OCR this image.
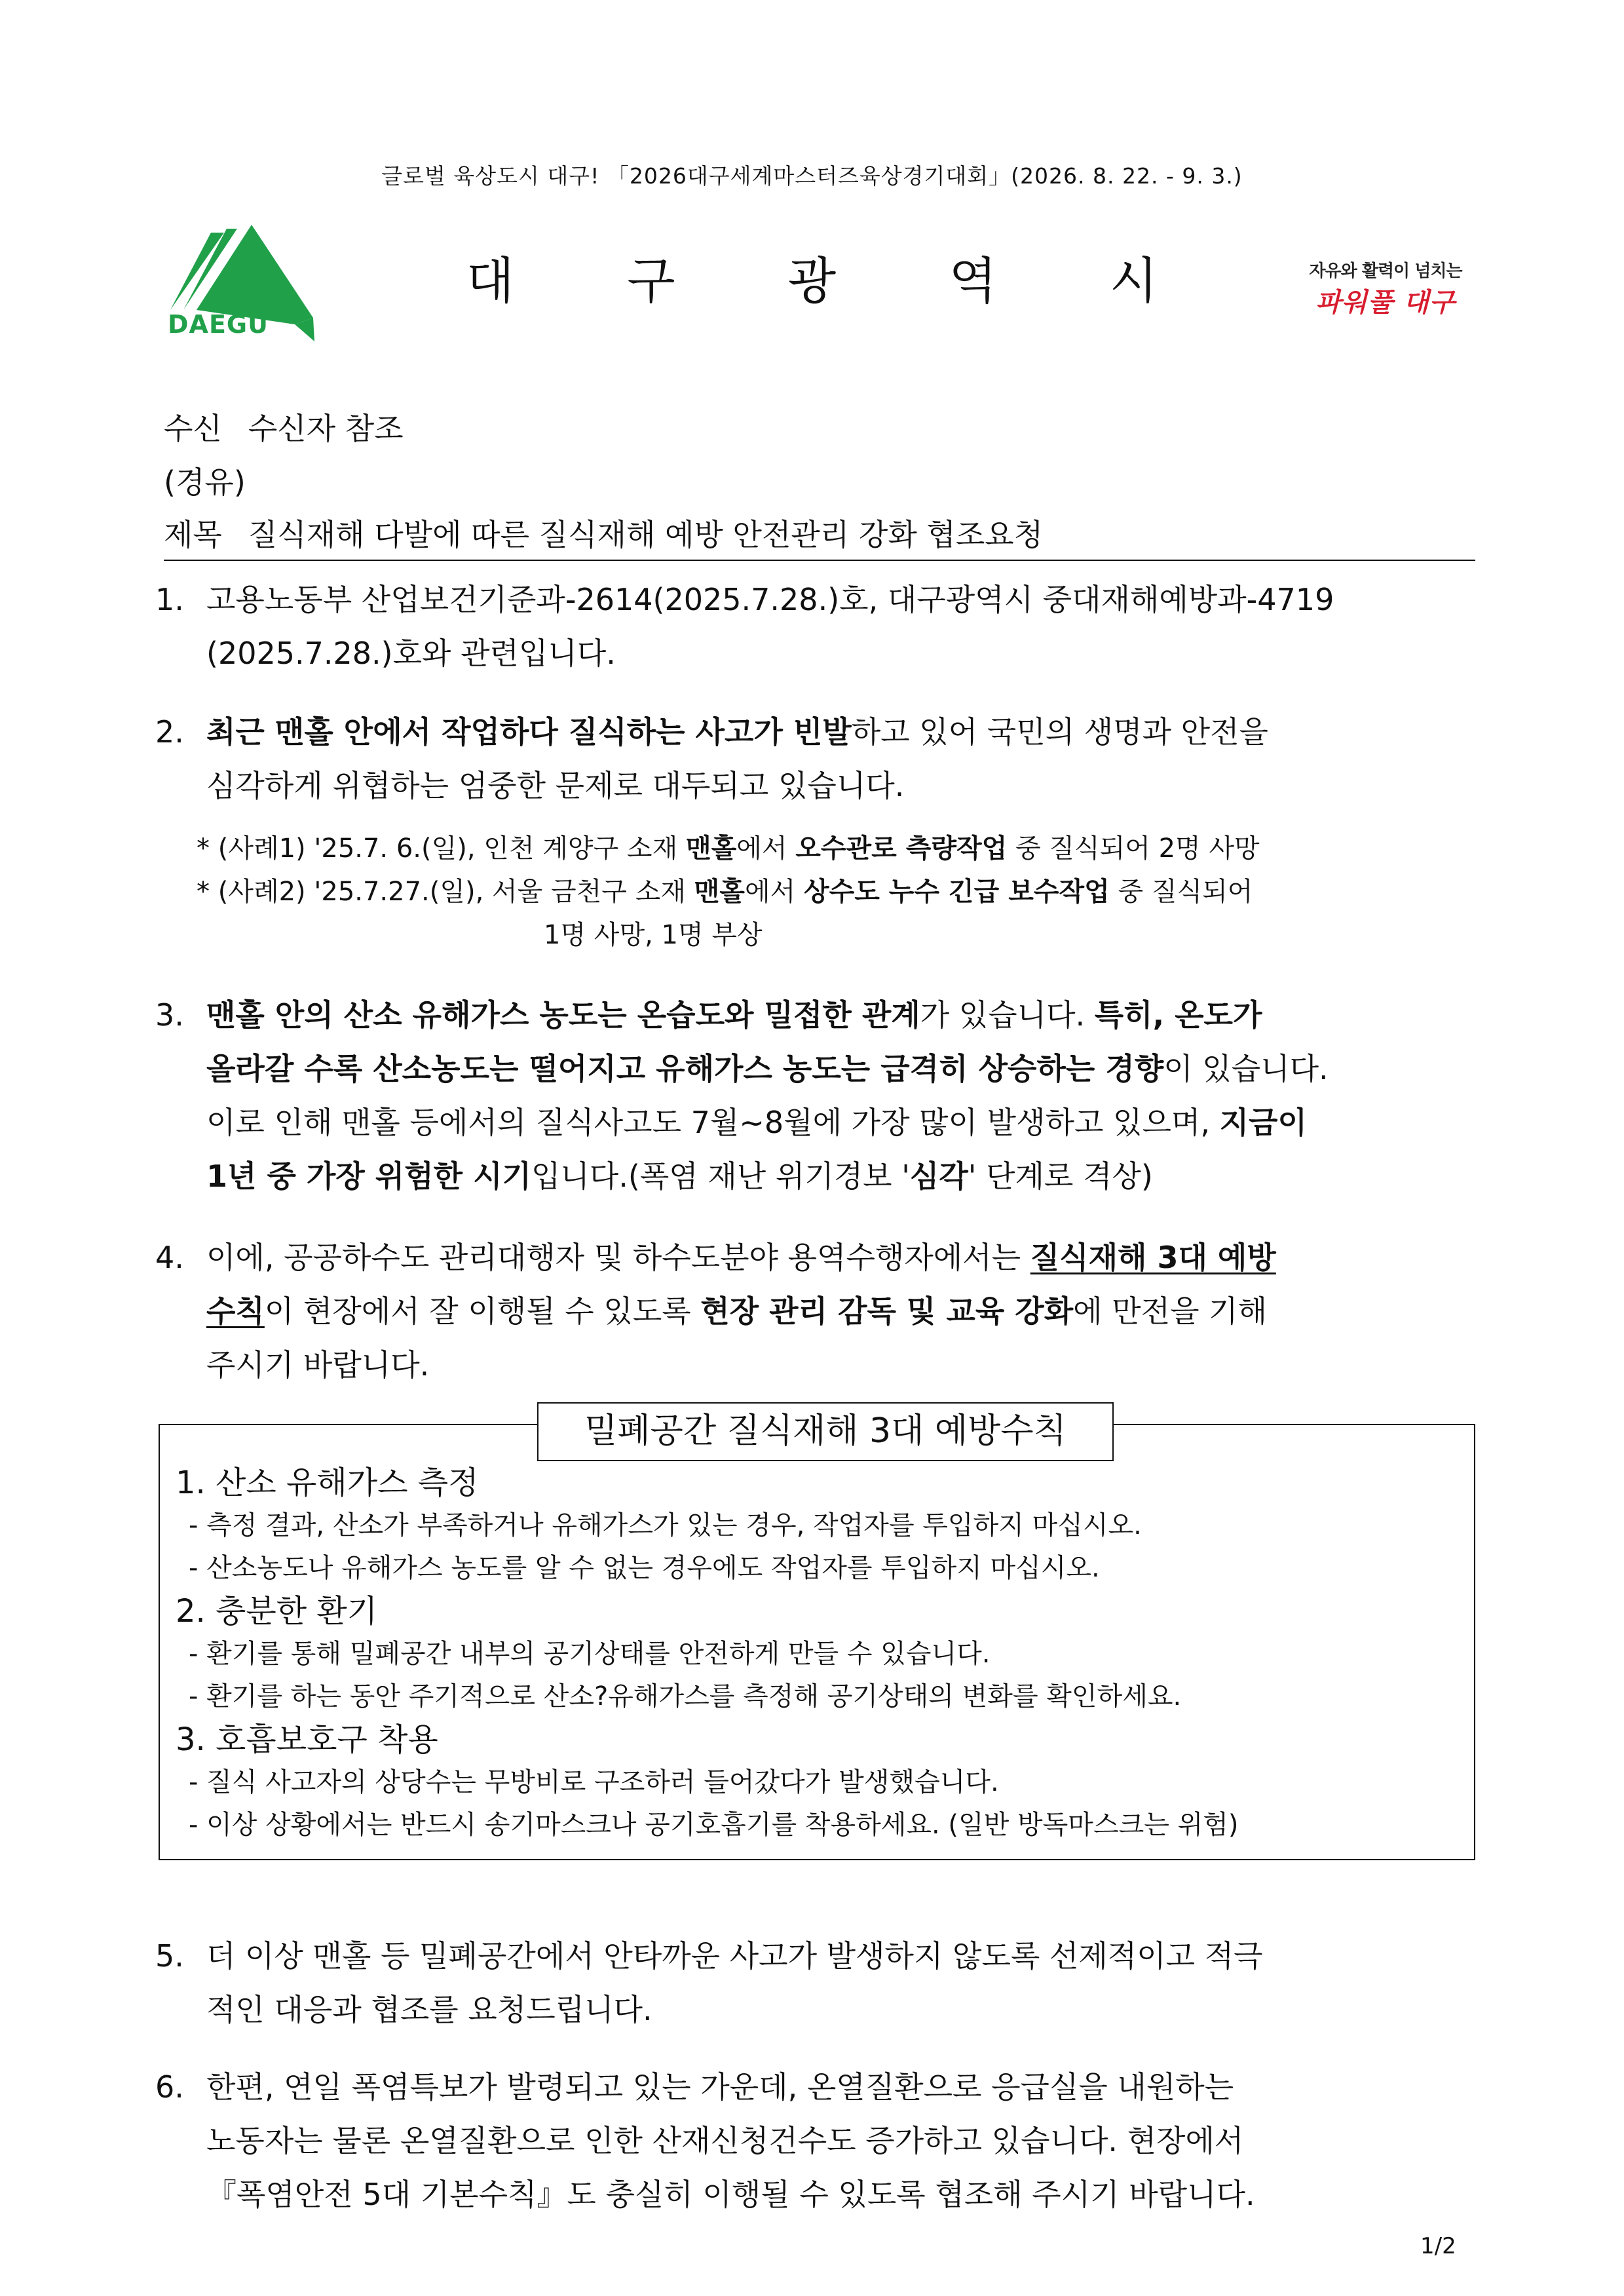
글로벌 육상도시 대구! 「2026대구세계마스터즈육상경기대회」(2026. 8. 22. - 9. 3.)
DAEGU
대 구 광 역 시	자유와 활력이 넘치는
파워풀 대구
수신 수신자 참조
(경유)
제목 질식재해 다발에 따른 질식재해 예방 안전관리 강화 협조요청
1. 고용노동부 산업보건기준과-2614(2025.7.28.)호, 대구광역시 중대재해예방과-4719
(2025.7.28.)호와 관련입니다.
2. 최근 맨홀 안에서 작업하다 질식하는 사고가 빈발하고 있어 국민의 생명과 안전을
심각하게 위협하는 엄중한 문제로 대두되고 있습니다.
* (사례1) '25.7. 6.(일), 인천 계양구 소재 맨홀에서 오수관로 측량작업 중 질식되어 2명 사망
* (사례2) '25.7.27.(일), 서울 금천구 소재 맨홀에서 상수도 누수 긴급 보수작업 중 질식되어
1명 사망, 1명 부상
3. 맨홀 안의 산소 유해가스 농도는 온습도와 밀접한 관계가 있습니다. 특히, 온도가
올라갈 수록 산소농도는 떨어지고 유해가스 농도는 급격히 상승하는 경향이 있습니다.
이로 인해 맨홀 등에서의 질식사고도 7월~8월에 가장 많이 발생하고 있으며, 지금이
1년 중 가장 위험한 시기입니다.(폭염 재난 위기경보 '심각' 단계로 격상)
4. 이에, 공공하수도 관리대행자 및 하수도분야 용역수행자에서는 질식재해 3대 예방
수칙이 현장에서 잘 이행될 수 있도록 현장 관리 감독 및 교육 강화에 만전을 기해
주시기 바랍니다.
밀폐공간 질식재해 3대 예방수칙
1. 산소 유해가스 측정
- 측정 결과, 산소가 부족하거나 유해가스가 있는 경우, 작업자를 투입하지 마십시오.
- 산소농도나 유해가스 농도를 알 수 없는 경우에도 작업자를 투입하지 마십시오.
2. 충분한 환기
- 환기를 통해 밀폐공간 내부의 공기상태를 안전하게 만들 수 있습니다.
- 환기를 하는 동안 주기적으로 산소?유해가스를 측정해 공기상태의 변화를 확인하세요.
3. 호흡보호구 착용
- 질식 사고자의 상당수는 무방비로 구조하러 들어갔다가 발생했습니다.
- 이상 상황에서는 반드시 송기마스크나 공기호흡기를 착용하세요. (일반 방독마스크는 위험)
5. 더 이상 맨홀 등 밀폐공간에서 안타까운 사고가 발생하지 않도록 선제적이고 적극
적인 대응과 협조를 요청드립니다.
6. 한편, 연일 폭염특보가 발령되고 있는 가운데, 온열질환으로 응급실을 내원하는
노동자는 물론 온열질환으로 인한 산재신청건수도 증가하고 있습니다. 현장에서
『폭염안전 5대 기본수칙』도 충실히 이행될 수 있도록 협조해 주시기 바랍니다.
1/2
